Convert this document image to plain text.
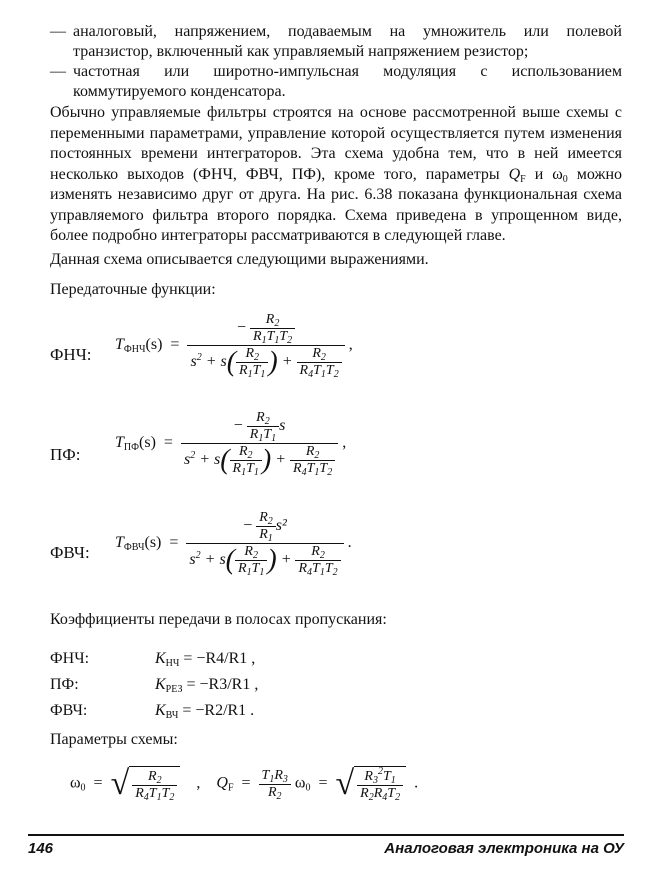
— аналоговый, напряжением, подаваемым на умножитель или полевой транзистор, включенный как управляемый напряжением резистор;
— частотная или широтно-импульсная модуляция с использованием коммутируемого конденсатора.
Обычно управляемые фильтры строятся на основе рассмотренной выше схемы с переменными параметрами, управление которой осуществляется путем изменения постоянных времени интеграторов. Эта схема удобна тем, что в ней имеется несколько выходов (ФНЧ, ФВЧ, ПФ), кроме того, параметры $Q_F$ и $\omega_0$ можно изменять независимо друг от друга. На рис. 6.38 показана функциональная схема управляемого фильтра второго порядка. Схема приведена в упрощенном виде, более подробно интеграторы рассматриваются в следующей главе.
Данная схема описывается следующими выражениями.
Передаточные функции:
ФНЧ:
$T_{ФНЧ}(s) = \frac{- \frac{R_2}{R_1T_1T_2}}{s^2 + s( \frac{R_2}{R_1T_1} ) + \frac{R_2}{R_4T_1T_2}}$ ,
ПФ:
$T_{ПФ}(s) = \frac{- \frac{R_2}{R_1T_1} s}{s^2 + s( \frac{R_2}{R_1T_1} ) + \frac{R_2}{R_4T_1T_2}}$ ,
ФВЧ:
$T_{ФВЧ}(s) = \frac{- \frac{R_2}{R_1} s^2}{s^2 + s( \frac{R_2}{R_1T_1} ) + \frac{R_2}{R_4T_1T_2}}$ .
Коэффициенты передачи в полосах пропускания:
ФНЧ:	$K_{НЧ} = -R4/R1$ ,
ПФ:	$K_{РЕЗ} = -R3/R1$ ,
ФВЧ:	$K_{ВЧ} = -R2/R1$ .
Параметры схемы:
$\omega_0$  =  √ $\frac{R_2}{R_4T_1T_2}$ ,    $Q_F = \frac{T_1R_3}{R_2} \omega_0$  =  √ $\frac{R_3^2T_1}{R_2R_4T_2}$ .
146	Аналоговая электроника на ОУ
